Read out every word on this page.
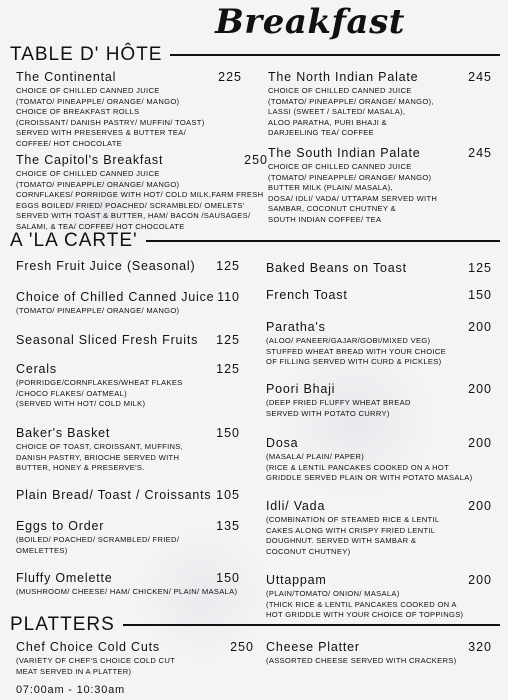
Breakfast
TABLE D' HÔTE
The Continental	225
CHOICE OF CHILLED CANNED JUICE
(TOMATO/ PINEAPPLE/ ORANGE/ MANGO)
CHOICE OF BREAKFAST ROLLS
(CROISSANT/ DANISH PASTRY/ MUFFIN/ TOAST)
SERVED WITH PRESERVES & BUTTER TEA/
COFFEE/ HOT CHOCOLATE
The Capitol's Breakfast	250
CHOICE OF CHILLED CANNED JUICE
(TOMATO/ PINEAPPLE/ ORANGE/ MANGO)
CORNFLAKES/ PORRIDGE WITH HOT/ COLD MILK,FARM FRESH
EGGS BOILED/ FRIED/ POACHED/ SCRAMBLED/ OMELETS'
SERVED WITH TOAST & BUTTER, HAM/ BACON /SAUSAGES/
SALAMI, & TEA/ COFFEE/ HOT CHOCOLATE
The North Indian Palate	245
CHOICE OF CHILLED CANNED JUICE
(TOMATO/ PINEAPPLE/ ORANGE/ MANGO),
LASSI (SWEET / SALTED/ MASALA),
ALOO PARATHA, PURI BHAJI &
DARJEELING TEA/ COFFEE
The South Indian Palate	245
CHOICE OF CHILLED CANNED JUICE
(TOMATO/ PINEAPPLE/ ORANGE/ MANGO)
BUTTER MILK (PLAIN/ MASALA),
DOSA/ IDLI/ VADA/ UTTAPAM SERVED WITH
SAMBAR, COCONUT CHUTNEY &
SOUTH INDIAN COFFEE/ TEA
A 'LA CARTE'
Fresh Fruit Juice (Seasonal) 125
Choice of Chilled Canned Juice 110
(TOMATO/ PINEAPPLE/ ORANGE/ MANGO)
Seasonal Sliced Fresh Fruits 125
Cerals	125
(PORRIDGE/CORNFLAKES/WHEAT FLAKES
/CHOCO FLAKES/ OATMEAL)
(SERVED WITH HOT/ COLD MILK)
Baker's Basket	150
CHOICE OF TOAST, CROISSANT, MUFFINS,
DANISH PASTRY, BRIOCHE SERVED WITH
BUTTER, HONEY & PRESERVE'S.
Plain Bread/ Toast / Croissants 105
Eggs to Order	135
(BOILED/ POACHED/ SCRAMBLED/ FRIED/
OMELETTES)
Fluffy Omelette	150
(MUSHROOM/ CHEESE/ HAM/ CHICKEN/ PLAIN/ MASALA)
Baked Beans on Toast	125
French Toast	150
Paratha's	200
(ALOO/ PANEER/GAJAR/GOBI/MIXED VEG)
STUFFED WHEAT BREAD WITH YOUR CHOICE
OF FILLING SERVED WITH CURD & PICKLES)
Poori Bhaji	200
(DEEP FRIED FLUFFY WHEAT BREAD
SERVED WITH POTATO CURRY)
Dosa	200
(MASALA/ PLAIN/ PAPER)
(RICE & LENTIL PANCAKES COOKED ON A HOT
GRIDDLE SERVED PLAIN OR WITH POTATO MASALA)
Idli/ Vada	200
(COMBINATION OF STEAMED RICE & LENTIL
CAKES ALONG WITH CRISPY FRIED LENTIL
DOUGHNUT. SERVED WITH SAMBAR &
COCONUT CHUTNEY)
Uttappam	200
(PLAIN/TOMATO/ ONION/ MASALA)
(THICK RICE & LENTIL PANCAKES COOKED ON A
HOT GRIDDLE WITH YOUR CHOICE OF TOPPINGS)
PLATTERS
Chef Choice Cold Cuts	250
(VARIETY OF CHEF'S CHOICE COLD CUT
MEAT SERVED IN A PLATTER)
Cheese Platter	320
(ASSORTED CHEESE SERVED WITH CRACKERS)
07:00am - 10:30am
